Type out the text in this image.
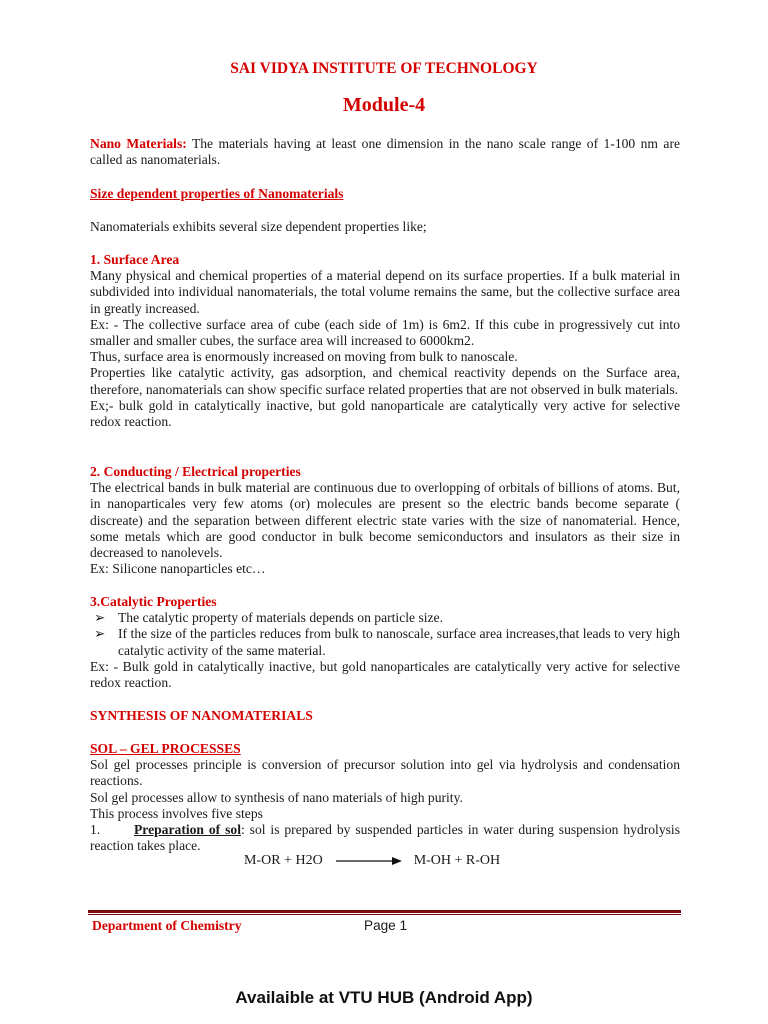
SAI VIDYA INSTITUTE OF TECHNOLOGY
Module-4
Nano Materials: The materials having at least one dimension in the nano scale range of 1-100 nm are called as nanomaterials.
Size dependent properties of Nanomaterials
Nanomaterials exhibits several size dependent properties like;
1. Surface Area
Many physical and chemical properties of a material depend on its surface properties. If a bulk material in subdivided into individual nanomaterials, the total volume remains the same, but the collective surface area in greatly increased.
Ex: - The collective surface area of cube (each side of 1m) is 6m2. If this cube in progressively cut into smaller and smaller cubes, the surface area will increased to 6000km2.
Thus, surface area is enormously increased on moving from bulk to nanoscale.
Properties like catalytic activity, gas adsorption, and chemical reactivity depends on the Surface area, therefore, nanomaterials can show specific surface related properties that are not observed in bulk materials.
Ex;- bulk gold in catalytically inactive, but gold nanoparticale are catalytically very active for selective redox reaction.
2. Conducting / Electrical properties
The electrical bands in bulk material are continuous due to overlopping of orbitals of billions of atoms. But, in nanoparticales very few atoms (or) molecules are present so the electric bands become separate ( discreate) and the separation between different electric state varies with the size of nanomaterial. Hence, some metals which are good conductor in bulk become semiconductors and insulators as their size in decreased to nanolevels.
Ex: Silicone nanoparticles etc…
3.Catalytic Properties
➢ The catalytic property of materials depends on particle size.
➢ If the size of the particles reduces from bulk to nanoscale, surface area increases,that leads to very high catalytic activity of the same material.
Ex: - Bulk gold in catalytically inactive, but gold nanoparticales are catalytically very active for selective redox reaction.
SYNTHESIS OF NANOMATERIALS
SOL – GEL PROCESSES
Sol gel processes principle is conversion of precursor solution into gel via hydrolysis and condensation reactions.
Sol gel processes allow to synthesis of nano materials of high purity.
This process involves five steps
1. Preparation of sol: sol is prepared by suspended particles in water during suspension hydrolysis reaction takes place.
M-OR + H2O	M-OH + R-OH
Department of Chemistry	Page 1
Availaible at VTU HUB (Android App)
